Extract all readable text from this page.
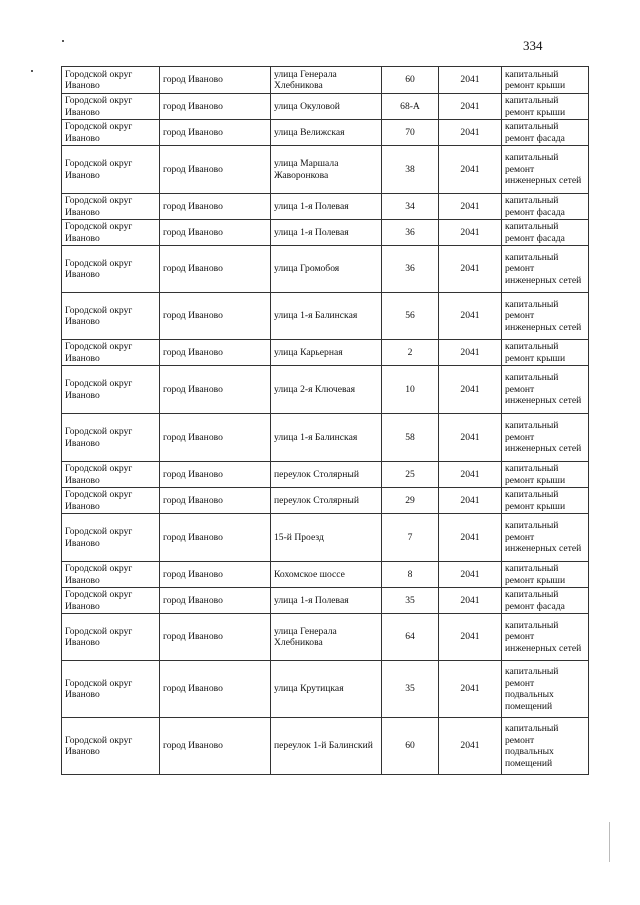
334
Городской округ Иваново	город Иваново	улица Генерала Хлебникова	60	2041	капитальный ремонт крыши
Городской округ Иваново	город Иваново	улица Окуловой	68-А	2041	капитальный ремонт крыши
Городской округ Иваново	город Иваново	улица Велижская	70	2041	капитальный ремонт фасада
Городской округ Иваново	город Иваново	улица Маршала Жаворонкова	38	2041	капитальный ремонт инженерных сетей
Городской округ Иваново	город Иваново	улица 1-я Полевая	34	2041	капитальный ремонт фасада
Городской округ Иваново	город Иваново	улица 1-я Полевая	36	2041	капитальный ремонт фасада
Городской округ Иваново	город Иваново	улица Громобоя	36	2041	капитальный ремонт инженерных сетей
Городской округ Иваново	город Иваново	улица 1-я Балинская	56	2041	капитальный ремонт инженерных сетей
Городской округ Иваново	город Иваново	улица Карьерная	2	2041	капитальный ремонт крыши
Городской округ Иваново	город Иваново	улица 2-я Ключевая	10	2041	капитальный ремонт инженерных сетей
Городской округ Иваново	город Иваново	улица 1-я Балинская	58	2041	капитальный ремонт инженерных сетей
Городской округ Иваново	город Иваново	переулок Столярный	25	2041	капитальный ремонт крыши
Городской округ Иваново	город Иваново	переулок Столярный	29	2041	капитальный ремонт крыши
Городской округ Иваново	город Иваново	15-й Проезд	7	2041	капитальный ремонт инженерных сетей
Городской округ Иваново	город Иваново	Кохомское шоссе	8	2041	капитальный ремонт крыши
Городской округ Иваново	город Иваново	улица 1-я Полевая	35	2041	капитальный ремонт фасада
Городской округ Иваново	город Иваново	улица Генерала Хлебникова	64	2041	капитальный ремонт инженерных сетей
Городской округ Иваново	город Иваново	улица Крутицкая	35	2041	капитальный ремонт подвальных помещений
Городской округ Иваново	город Иваново	переулок 1-й Балинский	60	2041	капитальный ремонт подвальных помещений
